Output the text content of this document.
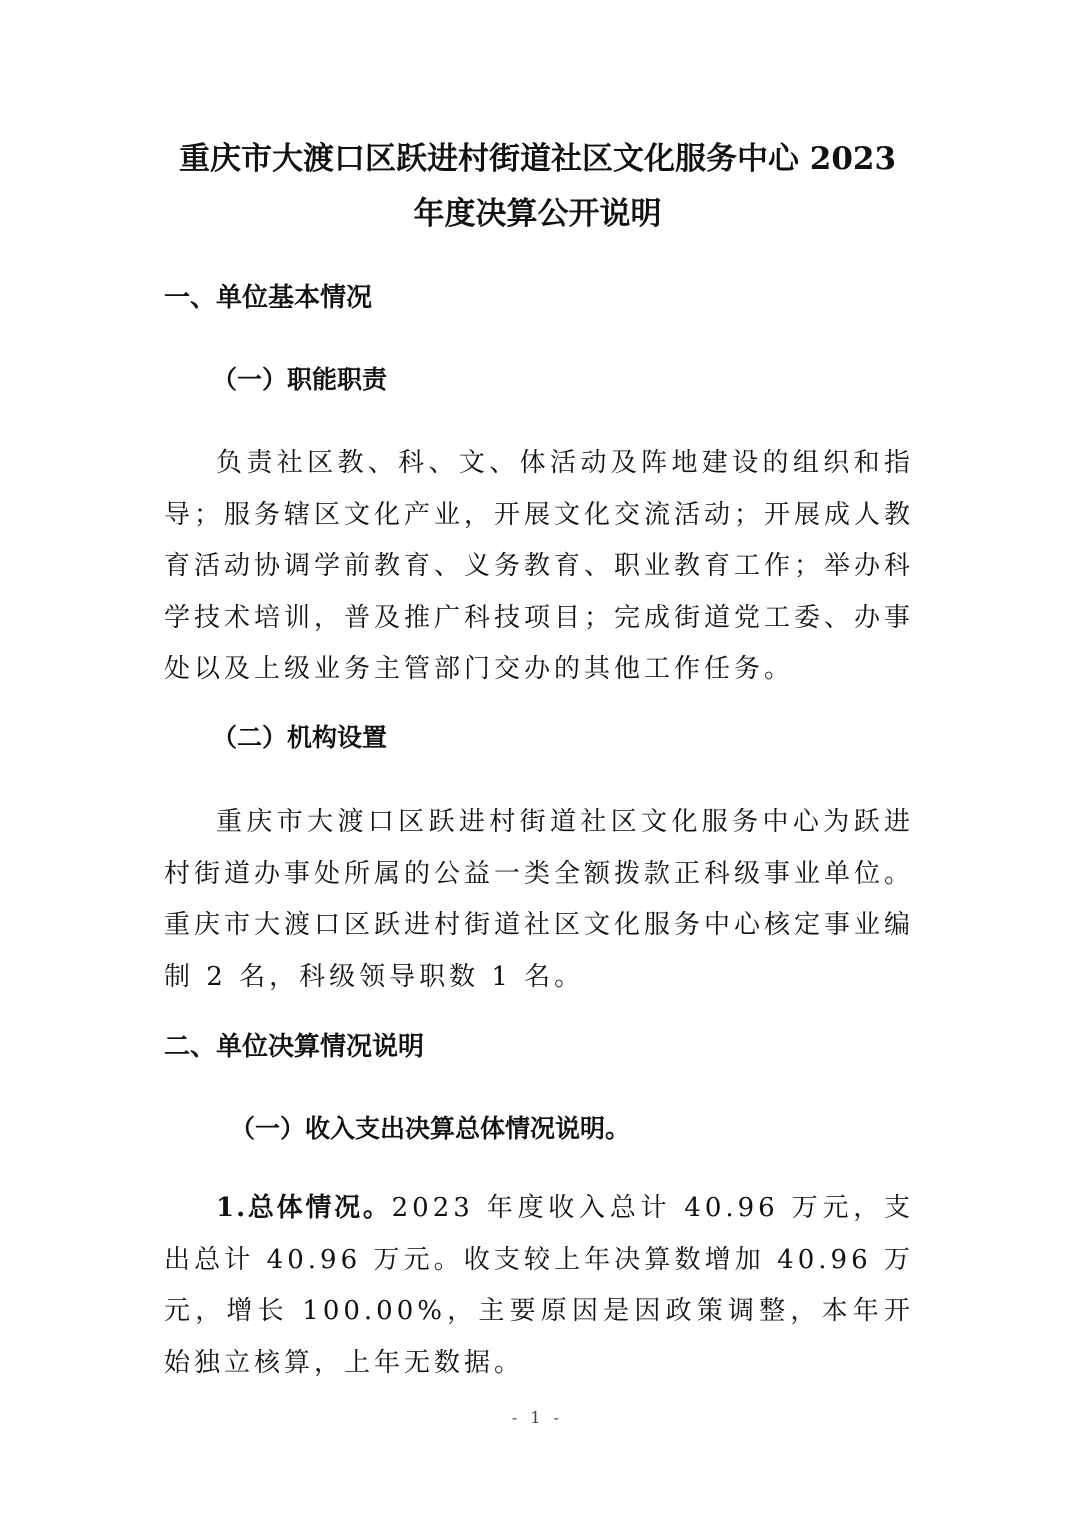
重庆市大渡口区跃进村街道社区文化服务中心 2023
年度决算公开说明
一、单位基本情况
（一）职能职责

负责社区教、科、文、体活动及阵地建设的组织和指导；服务辖区文化产业，开展文化交流活动；开展成人教育活动协调学前教育、义务教育、职业教育工作；举办科学技术培训，普及推广科技项目；完成街道党工委、办事处以及上级业务主管部门交办的其他工作任务。

（二）机构设置

重庆市大渡口区跃进村街道社区文化服务中心为跃进村街道办事处所属的公益一类全额拨款正科级事业单位。重庆市大渡口区跃进村街道社区文化服务中心核定事业编制 2 名，科级领导职数 1 名。

二、单位决算情况说明
（一）收入支出决算总体情况说明。

1.总体情况。2023 年度收入总计 40.96 万元，支出总计 40.96 万元。收支较上年决算数增加 40.96 万元，增长 100.00%，主要原因是因政策调整，本年开始独立核算，上年无数据。

- 1 -
